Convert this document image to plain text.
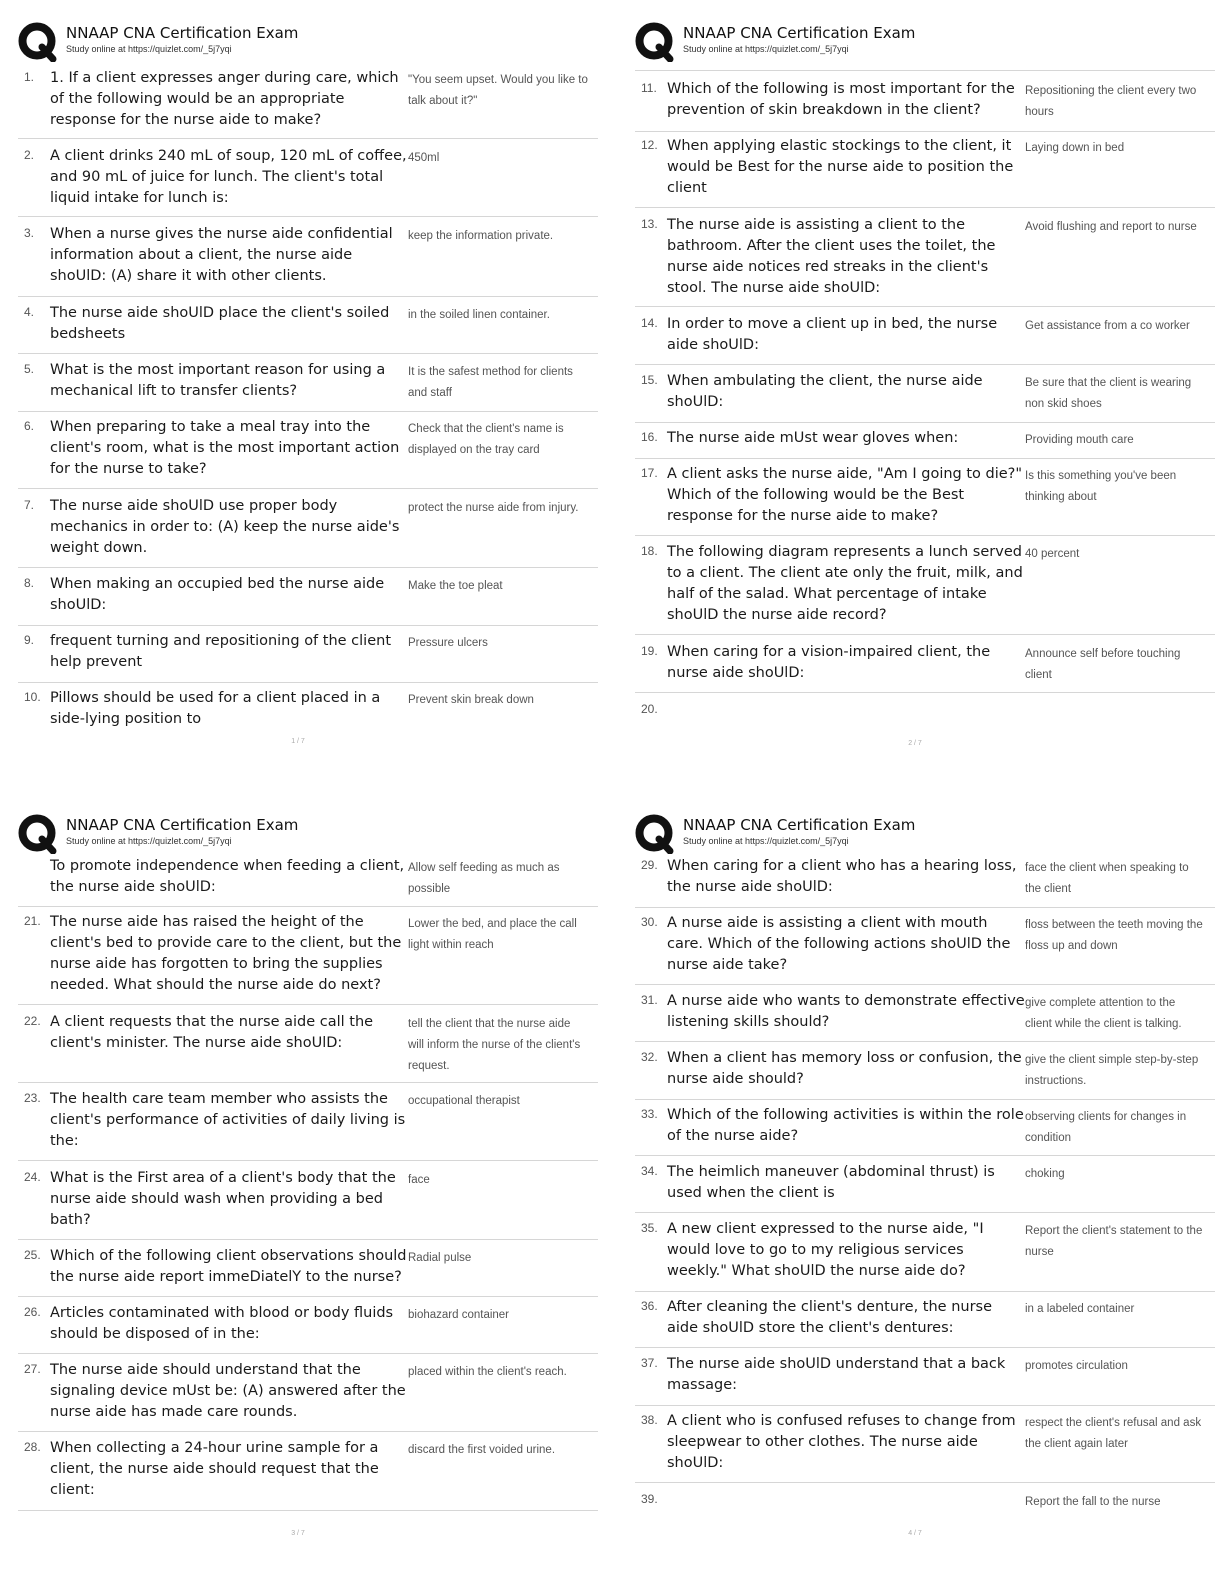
NNAAP CNA Certification Exam
Study online at https://quizlet.com/_5j7yqi
1. 1. If a client expresses anger during care, which of the following would be an appropriate response for the nurse aide to make?
"You seem upset. Would you like to talk about it?"
2. A client drinks 240 mL of soup, 120 mL of coffee, and 90 mL of juice for lunch. The client's total liquid intake for lunch is:
450ml
3. When a nurse gives the nurse aide confidential information about a client, the nurse aide shoUlD: (A) share it with other clients.
keep the information private.
4. The nurse aide shoUlD place the client's soiled bedsheets
in the soiled linen container.
5. What is the most important reason for using a mechanical lift to transfer clients?
It is the safest method for clients and staff
6. When preparing to take a meal tray into the client's room, what is the most important action for the nurse to take?
Check that the client's name is displayed on the tray card
7. The nurse aide shoUlD use proper body mechanics in order to: (A) keep the nurse aide's weight down.
protect the nurse aide from injury.
8. When making an occupied bed the nurse aide shoUlD:
Make the toe pleat
9. frequent turning and repositioning of the client help prevent
Pressure ulcers
10. Pillows should be used for a client placed in a side-lying position to
Prevent skin break down
1 / 7
NNAAP CNA Certification Exam
Study online at https://quizlet.com/_5j7yqi
11. Which of the following is most important for the prevention of skin breakdown in the client?
Repositioning the client every two hours
12. When applying elastic stockings to the client, it would be Best for the nurse aide to position the client
Laying down in bed
13. The nurse aide is assisting a client to the bathroom. After the client uses the toilet, the nurse aide notices red streaks in the client's stool. The nurse aide shoUlD:
Avoid flushing and report to nurse
14. In order to move a client up in bed, the nurse aide shoUlD:
Get assistance from a co worker
15. When ambulating the client, the nurse aide shoUlD:
Be sure that the client is wearing non skid shoes
16. The nurse aide mUst wear gloves when:	Providing mouth care
17. A client asks the nurse aide, "Am I going to die?" Which of the following would be the Best response for the nurse aide to make?
Is this something you've been thinking about
18. The following diagram represents a lunch served to a client. The client ate only the fruit, milk, and half of the salad. What percentage of intake shoUlD the nurse aide record?
40 percent
19. When caring for a vision-impaired client, the nurse aide shoUlD:
Announce self before touching client
20.
2 / 7
NNAAP CNA Certification Exam
Study online at https://quizlet.com/_5j7yqi
To promote independence when feeding a client, the nurse aide shoUlD:
Allow self feeding as much as possible
21. The nurse aide has raised the height of the client's bed to provide care to the client, but the nurse aide has forgotten to bring the supplies needed. What should the nurse aide do next?
Lower the bed, and place the call light within reach
22. A client requests that the nurse aide call the client's minister. The nurse aide shoUlD:
tell the client that the nurse aide will inform the nurse of the client's request.
23. The health care team member who assists the client's performance of activities of daily living is the:
occupational therapist
24. What is the First area of a client's body that the nurse aide should wash when providing a bed bath?
face
25. Which of the following client observations should the nurse aide report immeDiatelY to the nurse?
Radial pulse
26. Articles contaminated with blood or body fluids should be disposed of in the:
biohazard container
27. The nurse aide should understand that the signaling device mUst be: (A) answered after the nurse aide has made care rounds.
placed within the client's reach.
28. When collecting a 24-hour urine sample for a client, the nurse aide should request that the client:
discard the first voided urine.
3 / 7
NNAAP CNA Certification Exam
Study online at https://quizlet.com/_5j7yqi
29. When caring for a client who has a hearing loss, the nurse aide shoUlD:
face the client when speaking to the client
30. A nurse aide is assisting a client with mouth care. Which of the following actions shoUlD the nurse aide take?
floss between the teeth moving the floss up and down
31. A nurse aide who wants to demonstrate effective listening skills should?
give complete attention to the client while the client is talking.
32. When a client has memory loss or confusion, the nurse aide should?
give the client simple step-by-step instructions.
33. Which of the following activities is within the role of the nurse aide?
observing clients for changes in condition
34. The heimlich maneuver (abdominal thrust) is used when the client is
choking
35. A new client expressed to the nurse aide, "I would love to go to my religious services weekly." What shoUlD the nurse aide do?
Report the client's statement to the nurse
36. After cleaning the client's denture, the nurse aide shoUlD store the client's dentures:
in a labeled container
37. The nurse aide shoUlD understand that a back massage:
promotes circulation
38. A client who is confused refuses to change from sleepwear to other clothes. The nurse aide shoUlD:
respect the client's refusal and ask the client again later
39.	Report the fall to the nurse
4 / 7
